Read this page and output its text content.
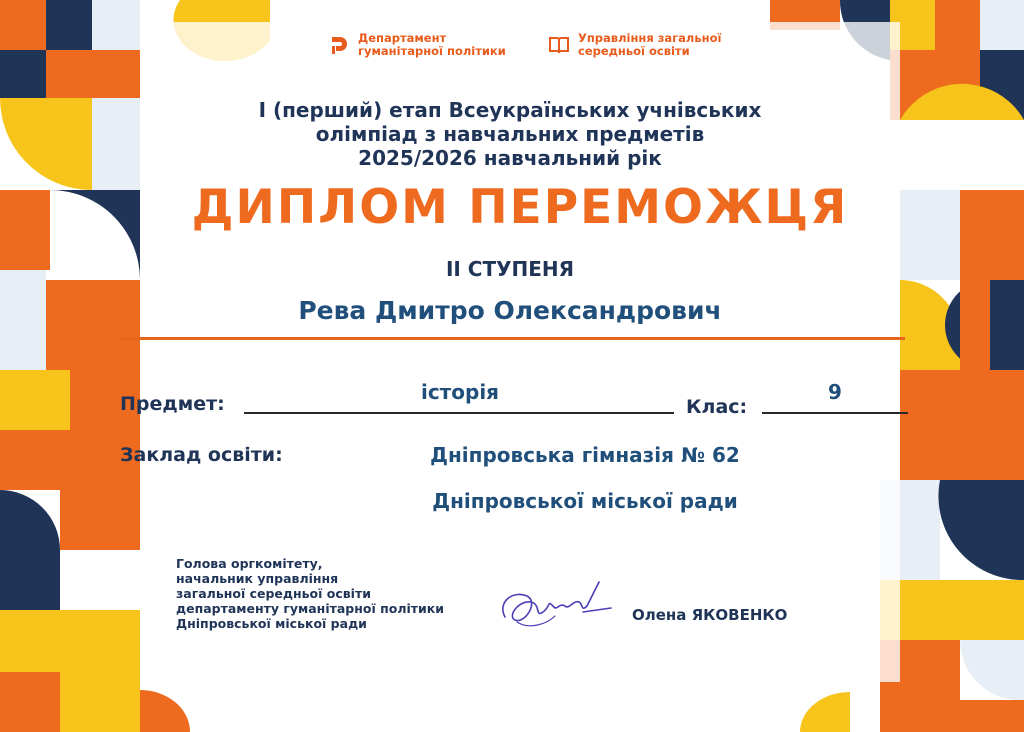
Департамент
гуманітарної політики
Управління загальної
середньої освіти
I (перший) етап Всеукраїнських учнівських
олімпіад з навчальних предметів
2025/2026 навчальний рік
ДИПЛОМ ПЕРЕМОЖЦЯ
ІІ СТУПЕНЯ
Рева Дмитро Олександрович
Предмет:	історія
Клас:
9
Заклад освіти:	Дніпровська гімназія № 62
Дніпровської міської ради
Голова оргкомітету,
начальник управління
загальної середньої освіти
департаменту гуманітарної політики
Дніпровської міської ради	Олена ЯКОВЕНКО
